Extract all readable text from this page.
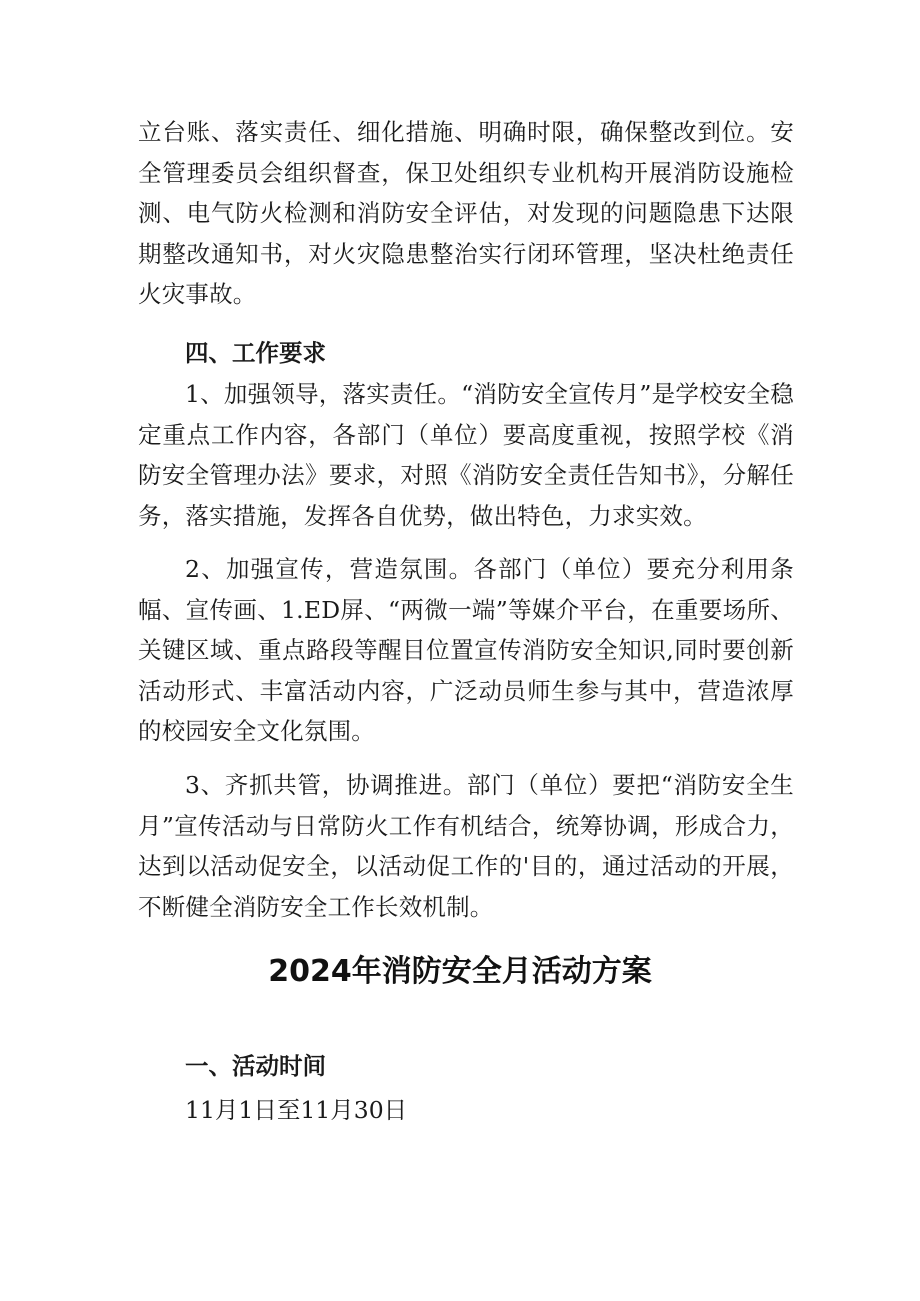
立台账、落实责任、细化措施、明确时限，确保整改到位。安全管理委员会组织督查，保卫处组织专业机构开展消防设施检测、电气防火检测和消防安全评估，对发现的问题隐患下达限期整改通知书，对火灾隐患整治实行闭环管理，坚决杜绝责任火灾事故。

四、工作要求

1、加强领导，落实责任。“消防安全宣传月”是学校安全稳定重点工作内容，各部门（单位）要高度重视，按照学校《消防安全管理办法》要求，对照《消防安全责任告知书》，分解任务，落实措施，发挥各自优势，做出特色，力求实效。

2、加强宣传，营造氛围。各部门（单位）要充分利用条幅、宣传画、1.ED屏、“两微一端”等媒介平台，在重要场所、关键区域、重点路段等醒目位置宣传消防安全知识,同时要创新活动形式、丰富活动内容，广泛动员师生参与其中，营造浓厚的校园安全文化氛围。

3、齐抓共管，协调推进。部门（单位）要把“消防安全生月”宣传活动与日常防火工作有机结合，统筹协调，形成合力，达到以活动促安全，以活动促工作的'目的，通过活动的开展，不断健全消防安全工作长效机制。

2024年消防安全月活动方案

一、活动时间

11月1日至11月30日
